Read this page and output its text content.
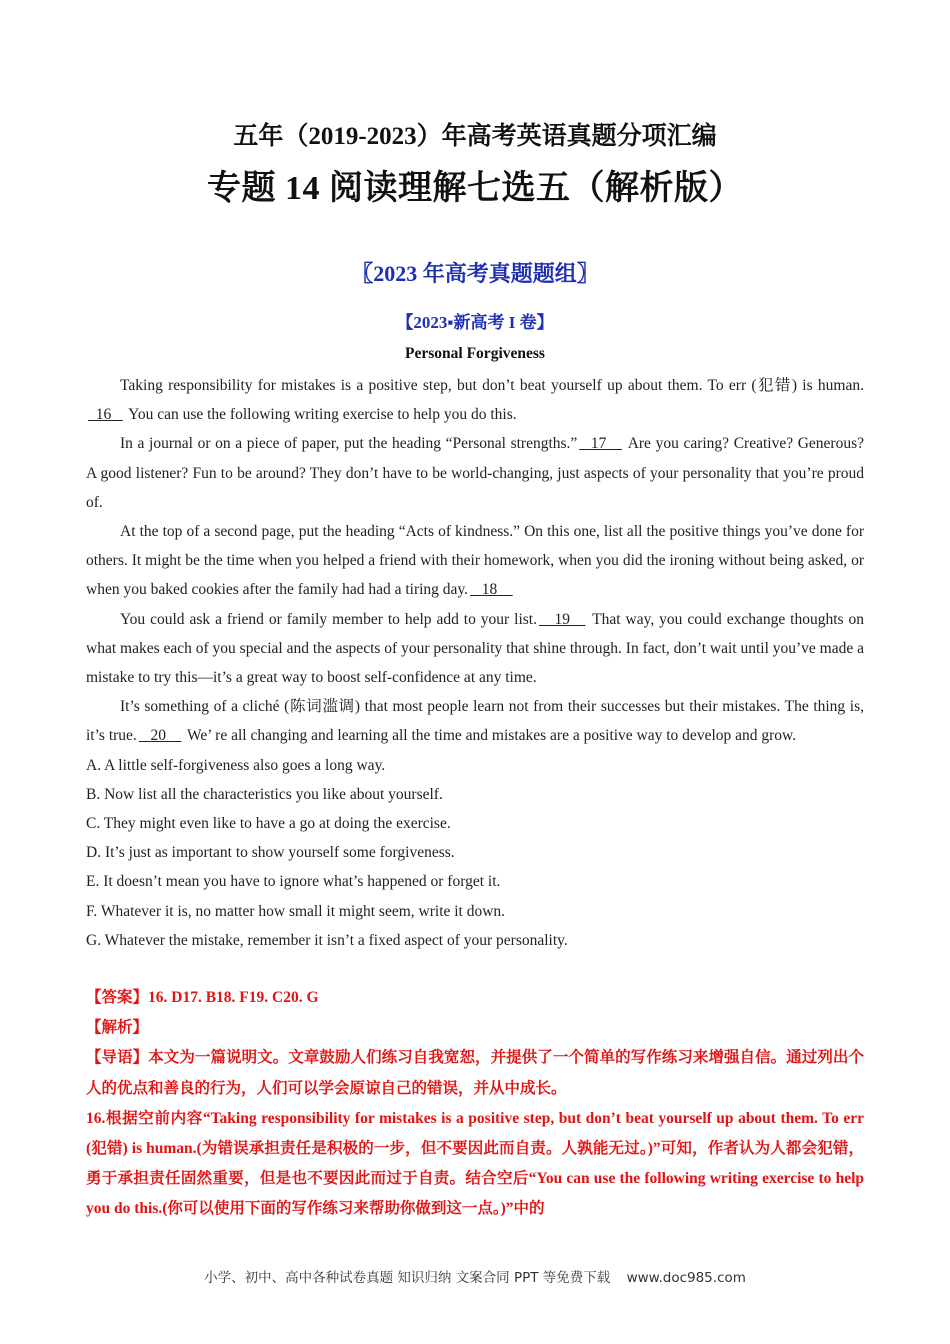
五年（2019-2023）年高考英语真题分项汇编
专题 14 阅读理解七选五（解析版）
〖2023 年高考真题题组〗
【2023▪新高考 I 卷】
Personal Forgiveness

Taking responsibility for mistakes is a positive step, but don’t beat yourself up about them. To err (犯错) is human.   16    You can use the following writing exercise to help you do this.

In a journal or on a piece of paper, put the heading “Personal strengths.” 17     Are you caring? Creative? Generous? A good listener? Fun to be around? They don’t have to be world-changing, just aspects of your personality that you’re proud of.

At the top of a second page, put the heading “Acts of kindness.” On this one, list all the positive things you’ve done for others. It might be the time when you helped a friend with their homework, when you did the ironing without being asked, or when you baked cookies after the family had had a tiring day. 18

You could ask a friend or family member to help add to your list. 19     That way, you could exchange thoughts on what makes each of you special and the aspects of your personality that shine through. In fact, don’t wait until you’ve made a mistake to try this—it’s a great way to boost self-confidence at any time.

It’s something of a cliché (陈词滥调) that most people learn not from their successes but their mistakes. The thing is, it’s true. 20     We’ re all changing and learning all the time and mistakes are a positive way to develop and grow.

A. A little self-forgiveness also goes a long way.
B. Now list all the characteristics you like about yourself.
C. They might even like to have a go at doing the exercise.
D. It’s just as important to show yourself some forgiveness.
E. It doesn’t mean you have to ignore what’s happened or forget it.
F. Whatever it is, no matter how small it might seem, write it down.
G. Whatever the mistake, remember it isn’t a fixed aspect of your personality.
【答案】16. D17. B18. F19. C20. G
【解析】
【导语】本文为一篇说明文。文章鼓励人们练习自我宽恕，并提供了一个简单的写作练习来增强自信。通过列出个人的优点和善良的行为，人们可以学会原谅自己的错误，并从中成长。
16.根据空前内容“Taking responsibility for mistakes is a positive step, but don’t beat yourself up about them. To err (犯错) is human.(为错误承担责任是积极的一步，但不要因此而自责。人孰能无过。)”可知，作者认为人都会犯错，勇于承担责任固然重要，但是也不要因此而过于自责。结合空后“You can use the following writing exercise to help you do this.(你可以使用下面的写作练习来帮助你做到这一点。)”中的
小学、初中、高中各种试卷真题 知识归纳 文案合同 PPT 等免费下载 www.doc985.com
